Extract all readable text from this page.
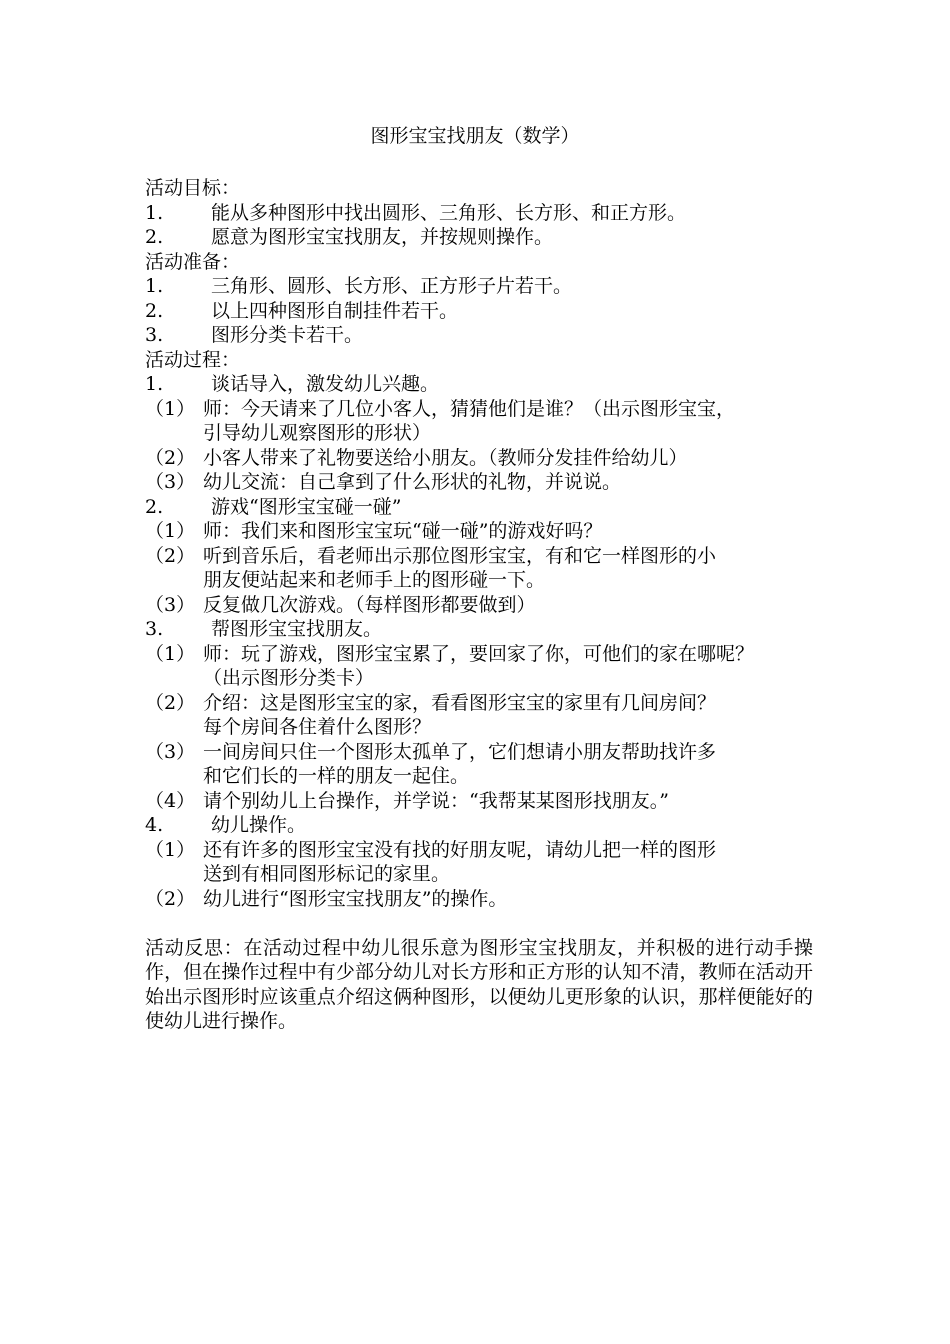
图形宝宝找朋友（数学）
活动目标：
1.	能从多种图形中找出圆形、三角形、长方形、和正方形。
2.	愿意为图形宝宝找朋友，并按规则操作。
活动准备：
1.	三角形、圆形、长方形、正方形子片若干。
2.	以上四种图形自制挂件若干。
3.	图形分类卡若干。
活动过程：
1.	谈话导入，激发幼儿兴趣。
（1） 师：今天请来了几位小客人，猜猜他们是谁？（出示图形宝宝，
引导幼儿观察图形的形状）
（2） 小客人带来了礼物要送给小朋友。（教师分发挂件给幼儿）
（3） 幼儿交流：自己拿到了什么形状的礼物，并说说。
2.	游戏“图形宝宝碰一碰”
（1） 师：我们来和图形宝宝玩“碰一碰”的游戏好吗？
（2） 听到音乐后，看老师出示那位图形宝宝，有和它一样图形的小
朋友便站起来和老师手上的图形碰一下。
（3） 反复做几次游戏。（每样图形都要做到）
3.	帮图形宝宝找朋友。
（1） 师：玩了游戏，图形宝宝累了，要回家了你，可他们的家在哪呢？
（出示图形分类卡）
（2） 介绍：这是图形宝宝的家，看看图形宝宝的家里有几间房间？
每个房间各住着什么图形？
（3） 一间房间只住一个图形太孤单了，它们想请小朋友帮助找许多
和它们长的一样的朋友一起住。
（4） 请个别幼儿上台操作，并学说：“我帮某某图形找朋友。”
4.	幼儿操作。
（1） 还有许多的图形宝宝没有找的好朋友呢，请幼儿把一样的图形
送到有相同图形标记的家里。
（2） 幼儿进行“图形宝宝找朋友”的操作。
活动反思：在活动过程中幼儿很乐意为图形宝宝找朋友，并积极的进行动手操作，但在操作过程中有少部分幼儿对长方形和正方形的认知不清，教师在活动开始出示图形时应该重点介绍这俩种图形，以便幼儿更形象的认识，那样便能好的使幼儿进行操作。
